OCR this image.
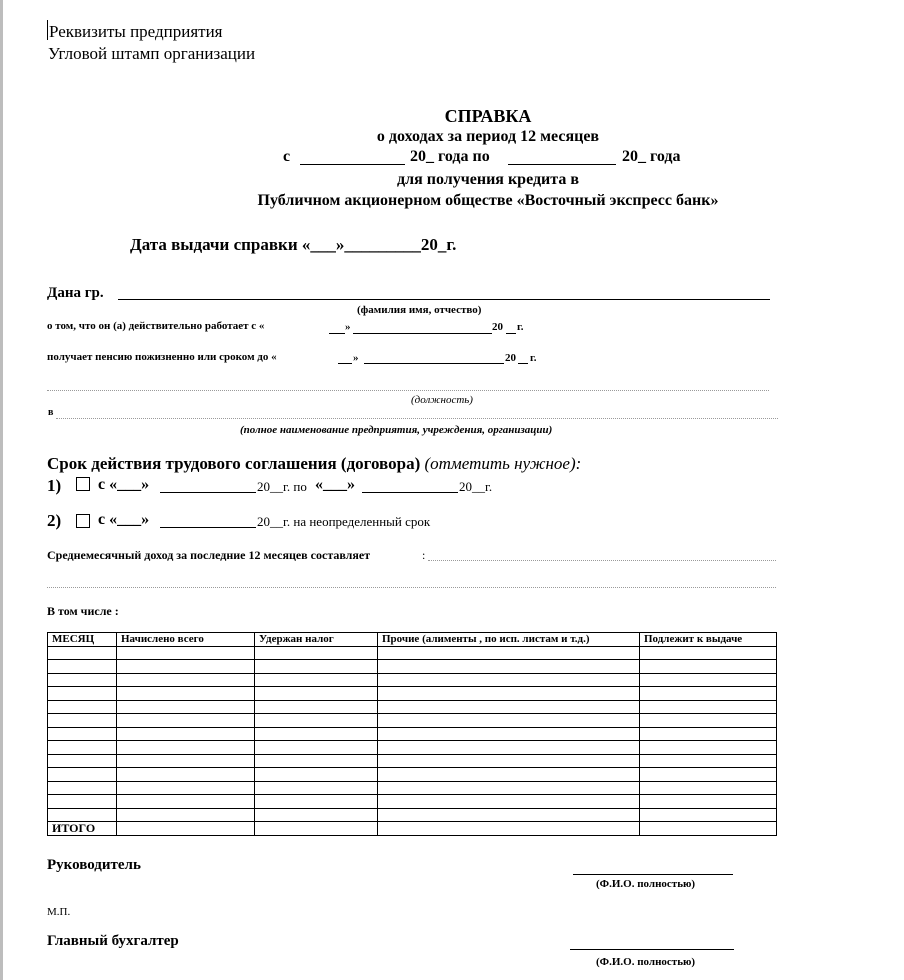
Реквизиты предприятия
Угловой штамп организации
СПРАВКА
о доходах за период 12 месяцев
с	20_ года по	20_ года
для получения кредита в
Публичном акционерном обществе «Восточный экспресс банк»
Дата выдачи справки «___»_________20_г.
Дана гр.
(фамилия имя, отчество)
о том, что он (а) действительно работает с «	»	20 г.
получает пенсию пожизненно или сроком до «	»	20 г.
(должность)
в
(полное наименование предприятия, учреждения, организации)
Срок действия трудового соглашения (договора) (отметить нужное):
1) с «___»	20__г. по «___»	20__г.
2) с «___»	20__г. на неопределенный срок
Среднемесячный доход за последние 12 месяцев составляет	:
В том числе :
МЕСЯЦ	Начислено всего	Удержан налог	Прочие (алименты , по исп. листам и т.д.)	Подлежит к выдаче

ИТОГО				
Руководитель
(Ф.И.О. полностью)
М.П.
Главный бухгалтер
(Ф.И.О. полностью)
